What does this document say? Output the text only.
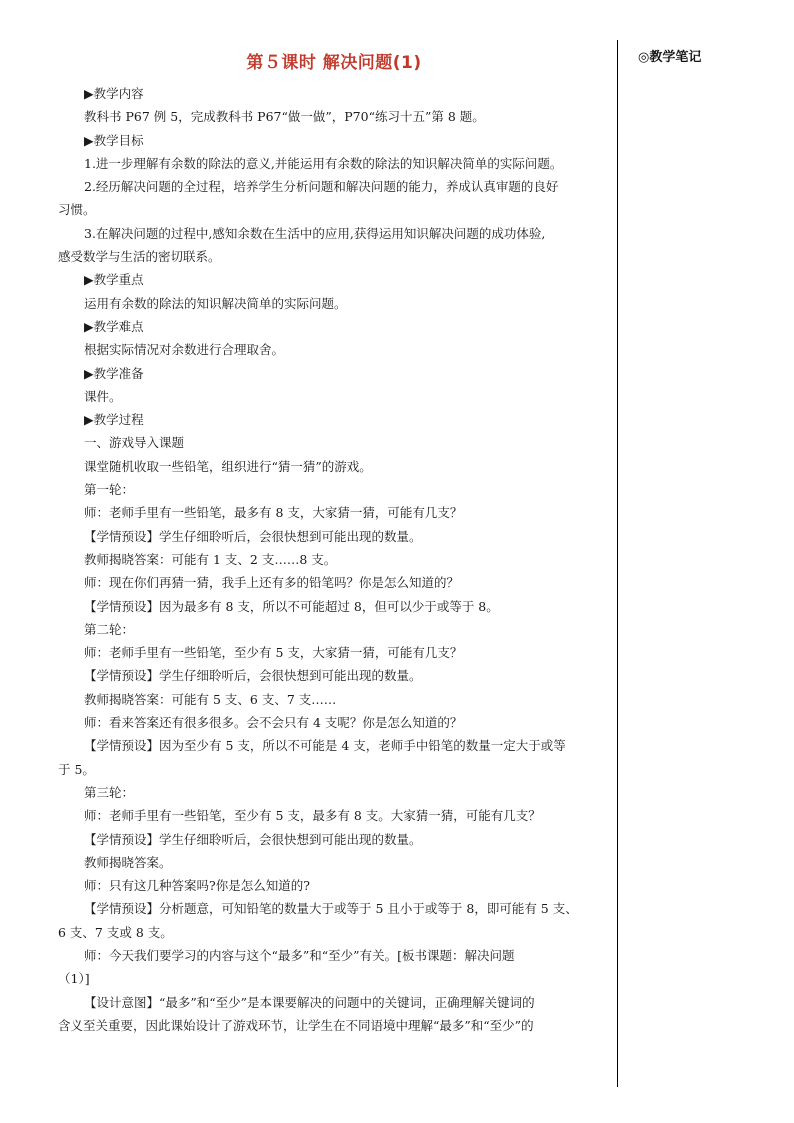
第５课时 解决问题(1)	◎教学笔记
▶教学内容
教科书 P67 例 5，完成教科书 P67“做一做”，P70“练习十五”第 8 题。
▶教学目标
1.进一步理解有余数的除法的意义,并能运用有余数的除法的知识解决简单的实际问题。
2.经历解决问题的全过程，培养学生分析问题和解决问题的能力，养成认真审题的良好
习惯。
3.在解决问题的过程中,感知余数在生活中的应用,获得运用知识解决问题的成功体验,
感受数学与生活的密切联系。
▶教学重点
运用有余数的除法的知识解决简单的实际问题。
▶教学难点
根据实际情况对余数进行合理取舍。
▶教学准备
课件。
▶教学过程
一、游戏导入课题
课堂随机收取一些铅笔，组织进行“猜一猜”的游戏。
第一轮：
师：老师手里有一些铅笔，最多有 8 支，大家猜一猜，可能有几支？
【学情预设】学生仔细聆听后，会很快想到可能出现的数量。
教师揭晓答案：可能有 1 支、2 支……8 支。
师：现在你们再猜一猜，我手上还有多的铅笔吗？你是怎么知道的？
【学情预设】因为最多有 8 支，所以不可能超过 8，但可以少于或等于 8。
第二轮：
师：老师手里有一些铅笔，至少有 5 支，大家猜一猜，可能有几支？
【学情预设】学生仔细聆听后，会很快想到可能出现的数量。
教师揭晓答案：可能有 5 支、6 支、7 支……
师：看来答案还有很多很多。会不会只有 4 支呢？你是怎么知道的？
【学情预设】因为至少有 5 支，所以不可能是 4 支，老师手中铅笔的数量一定大于或等
于 5。
第三轮：
师：老师手里有一些铅笔，至少有 5 支，最多有 8 支。大家猜一猜，可能有几支？
【学情预设】学生仔细聆听后，会很快想到可能出现的数量。
教师揭晓答案。
师：只有这几种答案吗?你是怎么知道的?
【学情预设】分析题意，可知铅笔的数量大于或等于 5 且小于或等于 8，即可能有 5 支、
6 支、7 支或 8 支。
师：今天我们要学习的内容与这个“最多”和“至少”有关。[板书课题：解决问题
（1）]
【设计意图】“最多”和“至少”是本课要解决的问题中的关键词，正确理解关键词的
含义至关重要，因此课始设计了游戏环节，让学生在不同语境中理解“最多”和“至少”的
